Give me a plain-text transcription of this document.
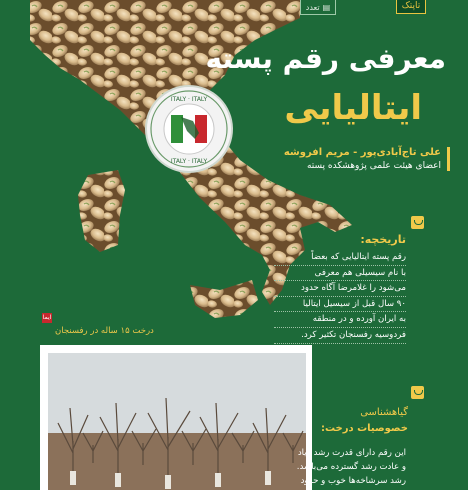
ITALY · ITALY
ITALY · ITALY
تاپتک
تعدد ▤
معرفی رقم پسته
ایتالیایی
علی تاج‌آبادی‌پور - مریم افروشه
اعضای هیئت علمی پژوهشکده پسته
تاریخچه:
رقم پسته ایتالیایی که بعضاً
با نام سیسیلی هم معرفی
می‌شود را غلامرضا آگاه حدود
۹۰ سال قبل از سیسیل ایتالیا
به ایران آورده و در منطقه
فردوسیه رفسنجان تکثیر کرد.
ایما
درخت ۱۵ ساله در رفسنجان
گیاهشناسی
خصوصیات درخت:
این رقم دارای قدرت رشد زیاد
و عادت رشد گسترده می‌باشد.
رشد سرشاخه‌ها خوب و حدود
